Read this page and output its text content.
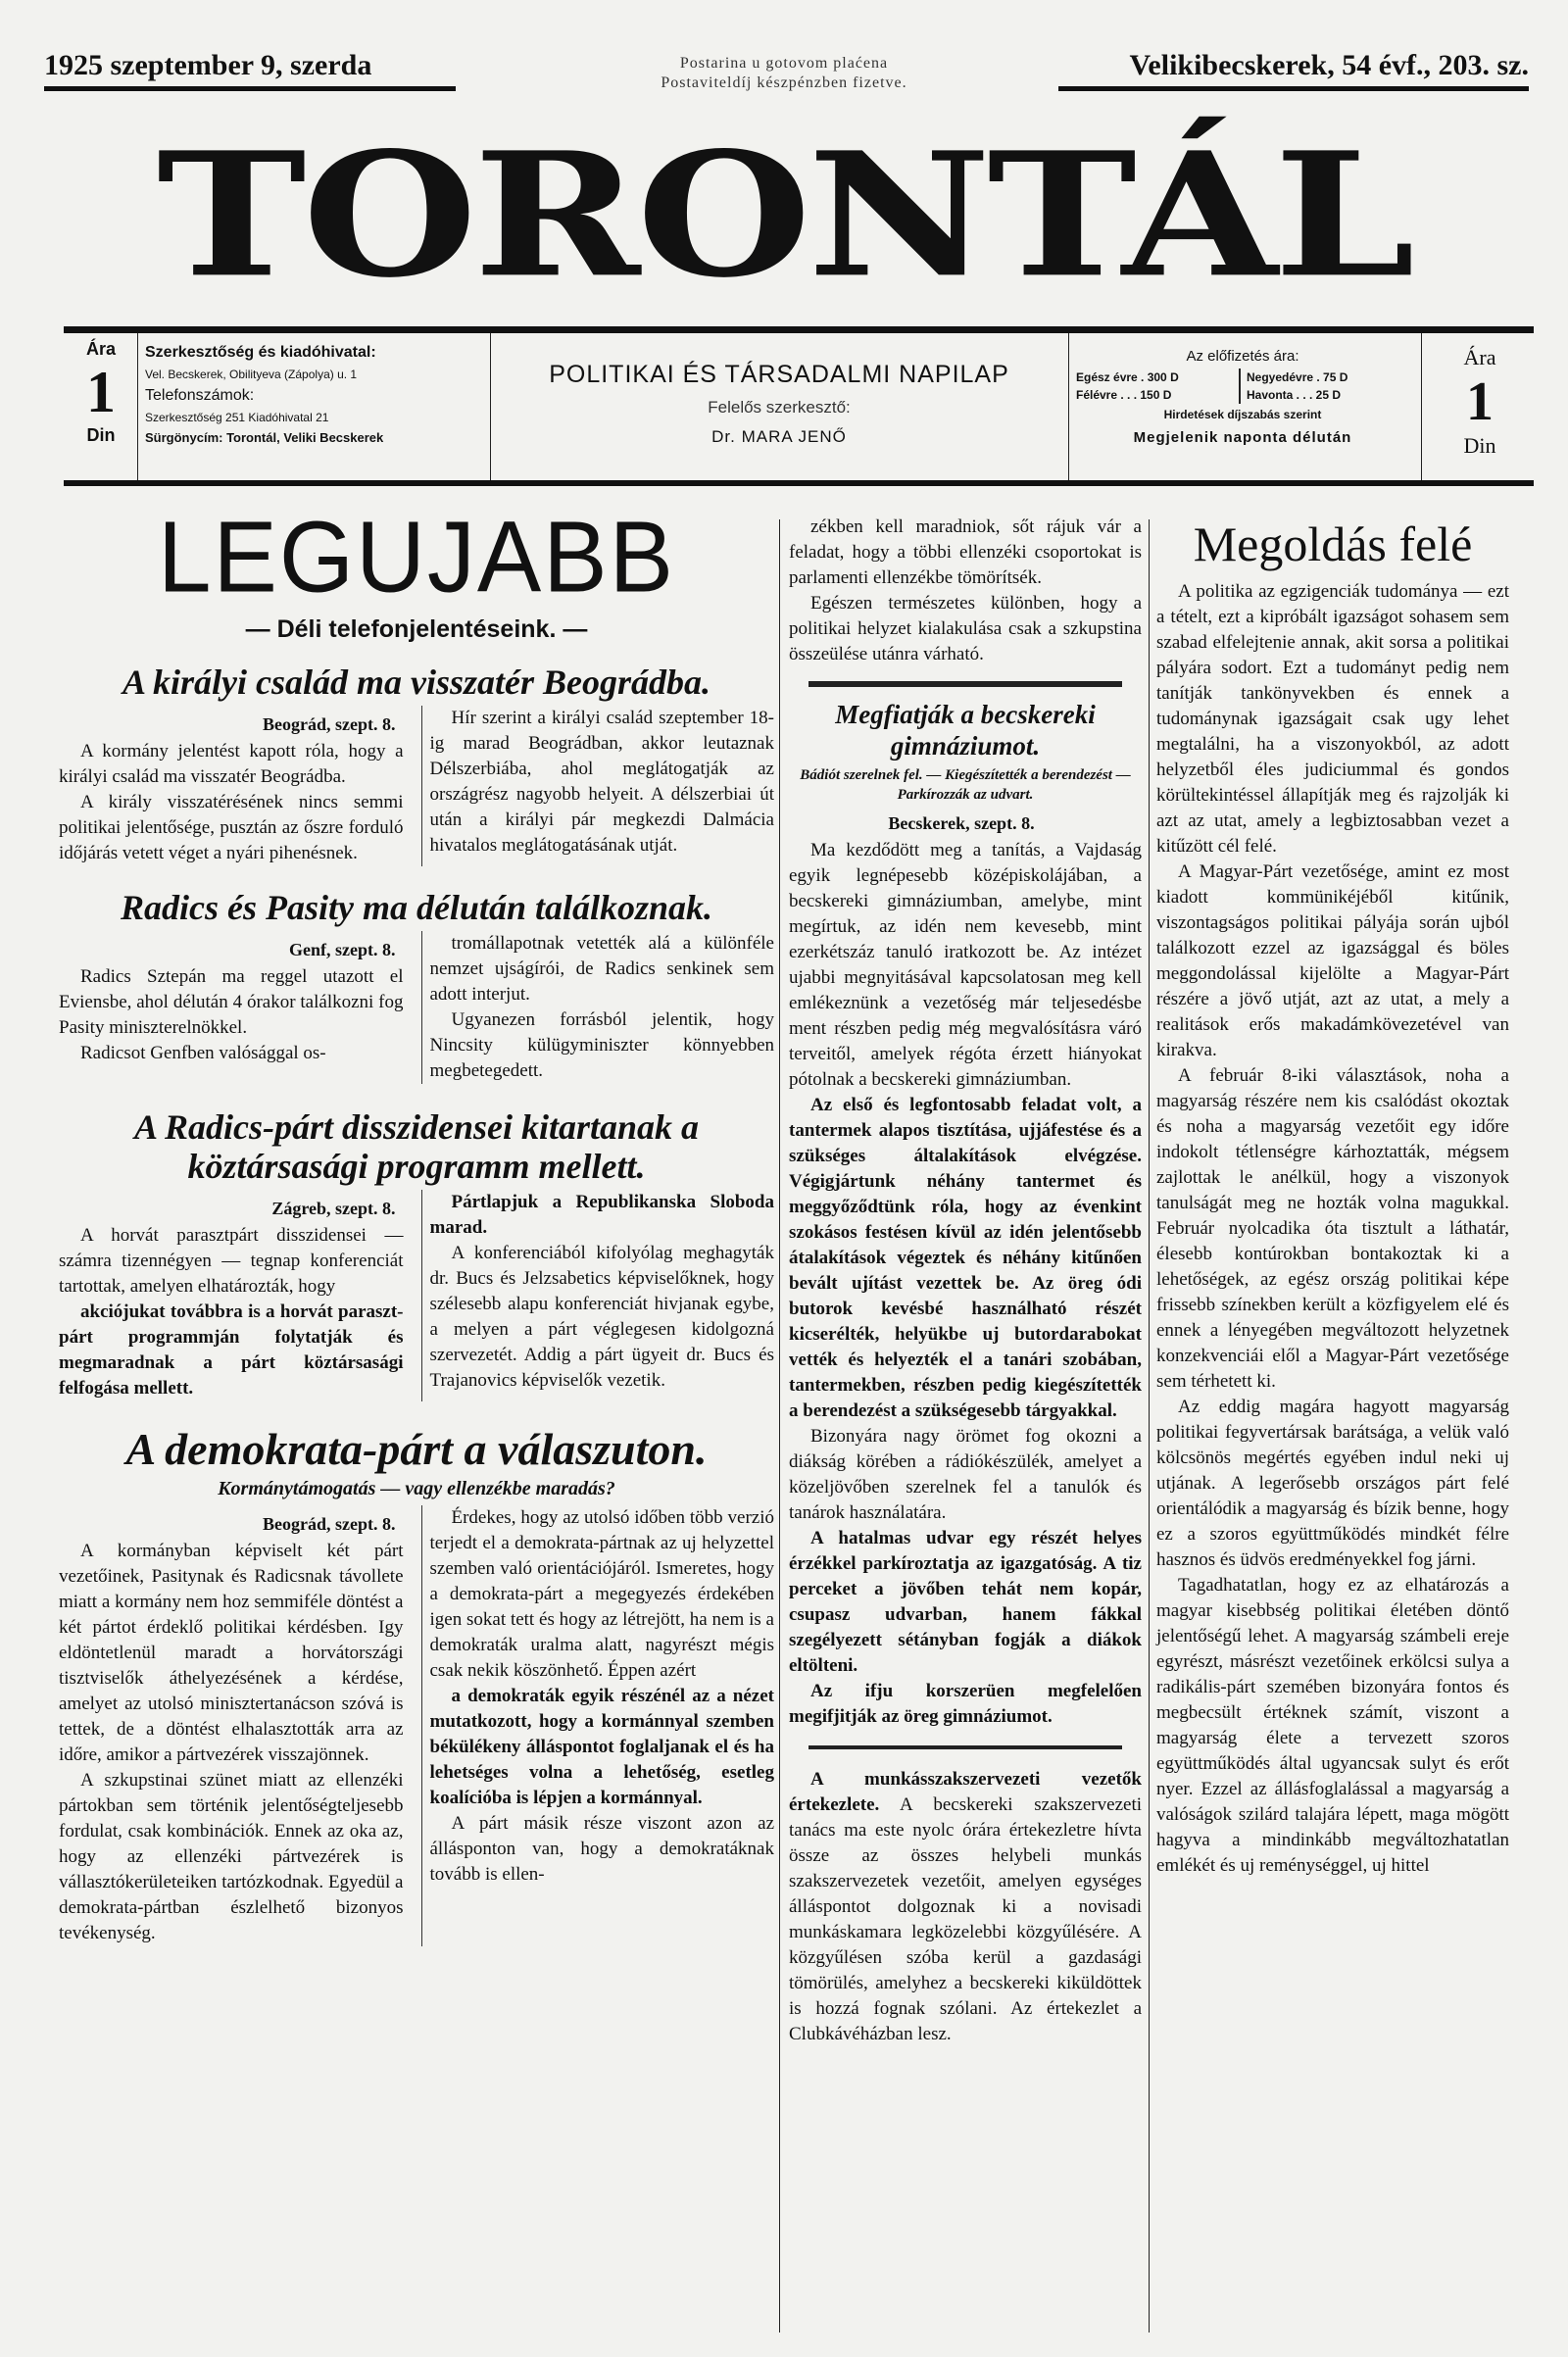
1925 szeptember 9, szerda	Postarina u gotovom plaćena
Postaviteldíj készpénzben fizetve.
Velikibecskerek, 54 évf., 203. sz.
TORONTÁL
Ára
1
Din
Szerkesztőség és kiadóhivatal:
Vel. Becskerek, Obilityeva (Zápolya) u. 1
Telefonszámok:
Szerkesztőség 251 Kiadóhivatal 21
Sürgönycím: Torontál, Veliki Becskerek
POLITIKAI ÉS TÁRSADALMI NAPILAP
Felelős szerkesztő:
Dr. MARA JENŐ
Az előfizetés ára:
Egész évre . 300 D
Félévre . . . 150 D
Negyedévre . 75 D
Havonta . . . 25 D
Hirdetések díjszabás szerint
Megjelenik naponta délután
Ára
1
Din
LEGUJABB
— Déli telefonjelentéseink. —
A királyi család ma visszatér Beográdba.
Beográd, szept. 8.

A kormány jelentést kapott róla, hogy a királyi család ma visszatér Beográdba.

A király visszatérésének nincs semmi politikai jelentősége, pusztán az őszre forduló időjárás vetett véget a nyári pihenésnek.

Hír szerint a királyi család szeptember 18-ig marad Beográdban, akkor leutaznak Délszerbiába, ahol meglátogatják az országrész nagyobb helyeit. A délszerbiai út után a királyi pár megkezdi Dalmácia hivatalos meglátogatásának utját.

Radics és Pasity ma délután találkoznak.
Genf, szept. 8.

Radics Sztepán ma reggel utazott el Eviensbe, ahol délután 4 órakor találkozni fog Pasity miniszterelnökkel.

Radicsot Genfben valósággal os-

tromállapotnak vetették alá a különféle nemzet ujságírói, de Radics senkinek sem adott interjut.

Ugyanezen forrásból jelentik, hogy Nincsity külügyminiszter könnyebben megbetegedett.

A Radics-párt disszidensei kitartanak a köztársasági programm mellett.
Zágreb, szept. 8.

A horvát parasztpárt disszidensei — számra tizennégyen — tegnap konferenciát tartottak, amelyen elhatározták, hogy

akciójukat továbbra is a horvát paraszt-párt programmján folytatják és megmaradnak a párt köztársasági felfogása mellett.

Pártlapjuk a Republikanska Sloboda marad.

A konferenciából kifolyólag meghagyták dr. Bucs és Jelzsabetics képviselőknek, hogy szélesebb alapu konferenciát hivjanak egybe, a melyen a párt véglegesen kidolgozná szervezetét. Addig a párt ügyeit dr. Bucs és Trajanovics képviselők vezetik.

A demokrata-párt a válaszuton.
Kormánytámogatás — vagy ellenzékbe maradás?
Beográd, szept. 8.

A kormányban képviselt két párt vezetőinek, Pasitynak és Radicsnak távollete miatt a kormány nem hoz semmiféle döntést a két pártot érdeklő politikai kérdésben. Igy eldöntetlenül maradt a horvátországi tisztviselők áthelyezésének a kérdése, amelyet az utolsó minisztertanácson szóvá is tettek, de a döntést elhalasztották arra az időre, amikor a pártvezérek visszajönnek.

A szkupstinai szünet miatt az ellenzéki pártokban sem történik jelentőségteljesebb fordulat, csak kombinációk. Ennek az oka az, hogy az ellenzéki pártvezérek is vállasztókerületeiken tartózkodnak. Egyedül a demokrata-pártban észlelhető bizonyos tevékenység.

Érdekes, hogy az utolsó időben több verzió terjedt el a demokrata-pártnak az uj helyzettel szemben való orientációjáról. Ismeretes, hogy a demokrata-párt a megegyezés érdekében igen sokat tett és hogy az létrejött, ha nem is a demokraták uralma alatt, nagyrészt mégis csak nekik köszönhető. Éppen azért

a demokraták egyik részénél az a nézet mutatkozott, hogy a kormánnyal szemben békülékeny álláspontot foglaljanak el és ha lehetséges volna a lehetőség, esetleg koalícióba is lépjen a kormánnyal.

A párt másik része viszont azon az állásponton van, hogy a demokratáknak tovább is ellen-

zékben kell maradniok, sőt rájuk vár a feladat, hogy a többi ellenzéki csoportokat is parlamenti ellenzékbe tömörítsék.

Egészen természetes különben, hogy a politikai helyzet kialakulása csak a szkupstina összeülése utánra várható.

Megfiatják a becskereki gimnáziumot.
Bádiót szerelnek fel. — Kiegészítették a berendezést — Parkírozzák az udvart.
Becskerek, szept. 8.

Ma kezdődött meg a tanítás, a Vajdaság egyik legnépesebb középiskolájában, a becskereki gimnáziumban, amelybe, mint megírtuk, az idén nem kevesebb, mint ezerkétszáz tanuló iratkozott be. Az intézet ujabbi megnyitásával kapcsolatosan meg kell emlékeznünk a vezetőség már teljesedésbe ment részben pedig még megvalósításra váró terveitől, amelyek régóta érzett hiányokat pótolnak a becskereki gimnáziumban.

Az első és legfontosabb feladat volt, a tantermek alapos tisztítása, ujjáfestése és a szükséges általakítások elvégzése. Végigjártunk néhány tantermet és meggyőződtünk róla, hogy az évenkint szokásos festésen kívül az idén jelentősebb átalakítások végeztek és néhány kitűnően bevált ujítást vezettek be. Az öreg ódi butorok kevésbé használható részét kicserélték, helyükbe uj butordarabokat vették és helyezték el a tanári szobában, tantermekben, részben pedig kiegészítették a berendezést a szükségesebb tárgyakkal.

Bizonyára nagy örömet fog okozni a diákság körében a rádiókészülék, amelyet a közeljövőben szerelnek fel a tanulók és tanárok használatára.

A hatalmas udvar egy részét helyes érzékkel parkíroztatja az igazgatóság. A tiz perceket a jövőben tehát nem kopár, csupasz udvarban, hanem fákkal szegélyezett sétányban fogják a diákok eltölteni.

Az ifju korszerüen megfelelően megifjitják az öreg gimnáziumot.

A munkásszakszervezeti vezetők értekezlete. A becskereki szakszervezeti tanács ma este nyolc órára értekezletre hívta össze az összes helybeli munkás szakszervezetek vezetőit, amelyen egységes álláspontot dolgoznak ki a novisadi munkáskamara legközelebbi közgyűlésére. A közgyűlésen szóba kerül a gazdasági tömörülés, amelyhez a becskereki kiküldöttek is hozzá fognak szólani. Az értekezlet a Clubkávéházban lesz.

Megoldás felé

A politika az egzigenciák tudománya — ezt a tételt, ezt a kipróbált igazságot sohasem sem szabad elfelejtenie annak, akit sorsa a politikai pályára sodort. Ezt a tudományt pedig nem tanítják tankönyvekben és ennek a tudománynak igazságait csak ugy lehet megtalálni, ha a viszonyokból, az adott helyzetből éles judiciummal és gondos körültekintéssel állapítják meg és rajzolják ki azt az utat, amely a legbiztosabban vezet a kitűzött cél felé.

A Magyar-Párt vezetősége, amint ez most kiadott kommünikéjéből kitűnik, viszontagságos politikai pályája során ujból találkozott ezzel az igazsággal és böles meggondolással kijelölte a Magyar-Párt részére a jövő utját, azt az utat, a mely a realitások erős makadámkövezetével van kirakva.

A február 8-iki választások, noha a magyarság részére nem kis csalódást okoztak és noha a magyarság vezetőit egy időre indokolt tétlenségre kárhoztatták, mégsem zajlottak le anélkül, hogy a viszonyok tanulságát meg ne hozták volna magukkal. Február nyolcadika óta tisztult a láthatár, élesebb kontúrokban bontakoztak ki a lehetőségek, az egész ország politikai képe frissebb színekben került a közfigyelem elé és ennek a lényegében megváltozott helyzetnek konzekvenciái elől a Magyar-Párt vezetősége sem térhetett ki.

Az eddig magára hagyott magyarság politikai fegyvertársak barátsága, a velük való kölcsönös megértés egyében indul neki uj utjának. A legerősebb országos párt felé orientálódik a magyarság és bízik benne, hogy ez a szoros együttműködés mindkét félre hasznos és üdvös eredményekkel fog járni.

Tagadhatatlan, hogy ez az elhatározás a magyar kisebbség politikai életében döntő jelentőségű lehet. A magyarság számbeli ereje egyrészt, másrészt vezetőinek erkölcsi sulya a radikális-párt szemében bizonyára fontos és megbecsült értéknek számít, viszont a magyarság élete a tervezett szoros együttműködés által ugyancsak sulyt és erőt nyer. Ezzel az állásfoglalással a magyarság a valóságok szilárd talajára lépett, maga mögött hagyva a mindinkább megváltozhatatlan emlékét és uj reménységgel, uj hittel
